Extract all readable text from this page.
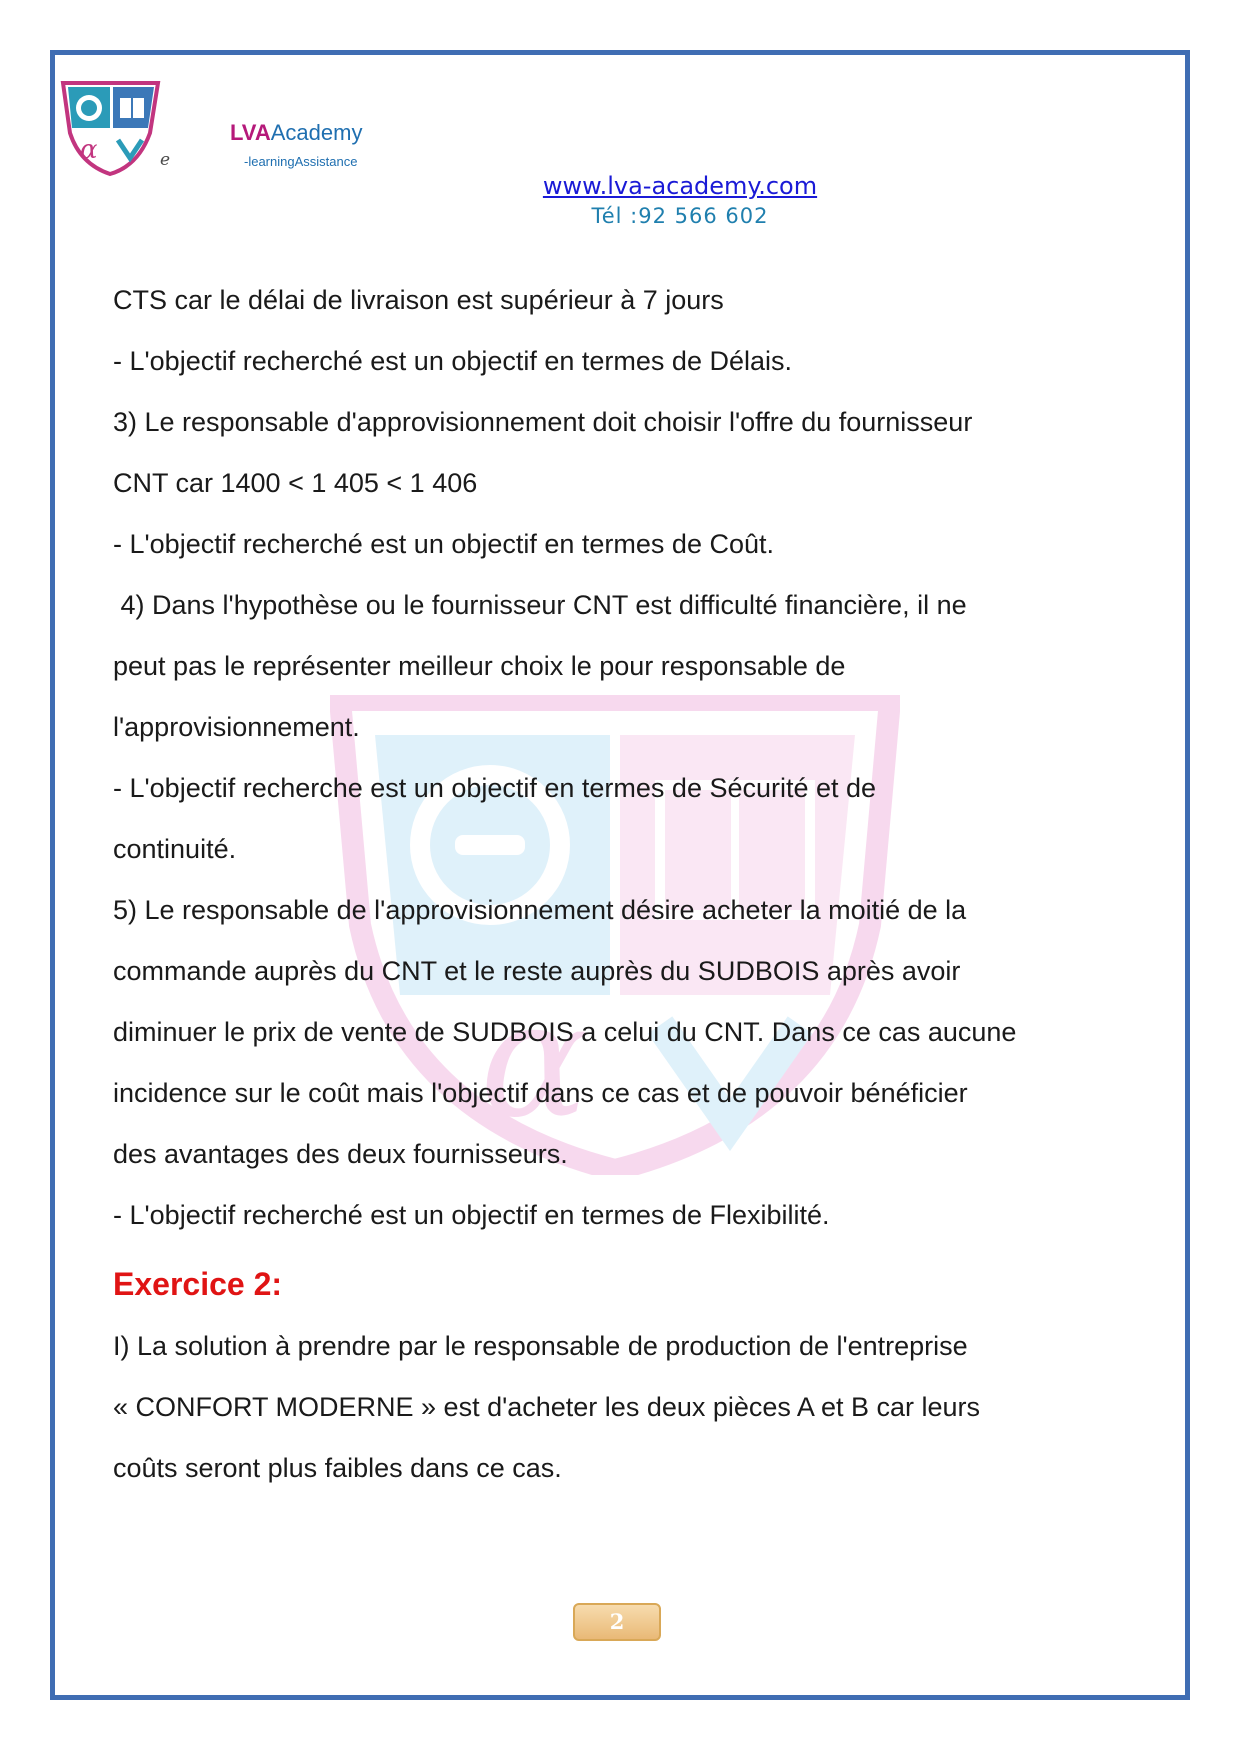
α	e
LVAAcademy
-learningAssistance
www.lva-academy.com
Tél :92 566 602
α
CTS car le délai de livraison est supérieur à 7 jours
- L'objectif recherché est un objectif en termes de Délais.
3) Le responsable d'approvisionnement doit choisir l'offre du fournisseur
CNT car 1400 < 1 405 < 1 406
- L'objectif recherché est un objectif en termes de Coût.
4) Dans l'hypothèse ou le fournisseur CNT est difficulté financière, il ne
peut pas le représenter meilleur choix le pour responsable de
l'approvisionnement.
- L'objectif recherche est un objectif en termes de Sécurité et de
continuité.
5) Le responsable de l'approvisionnement désire acheter la moitié de la
commande auprès du CNT et le reste auprès du SUDBOIS après avoir
diminuer le prix de vente de SUDBOIS a celui du CNT. Dans ce cas aucune
incidence sur le coût mais l'objectif dans ce cas et de pouvoir bénéficier
des avantages des deux fournisseurs.
- L'objectif recherché est un objectif en termes de Flexibilité.
Exercice 2:
I) La solution à prendre par le responsable de production de l'entreprise
« CONFORT MODERNE » est d'acheter les deux pièces A et B car leurs
coûts seront plus faibles dans ce cas.
2
